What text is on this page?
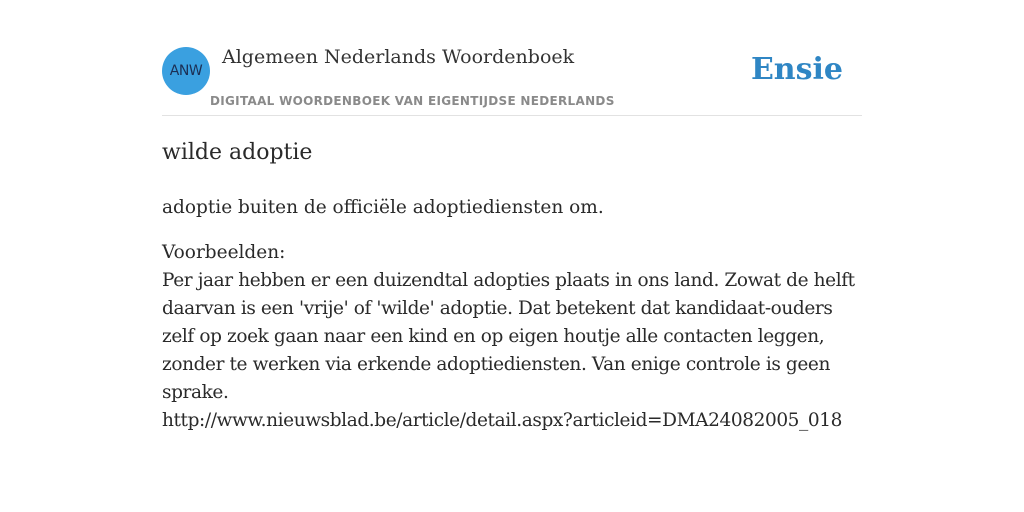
ANW
Algemeen Nederlands Woordenboek
DIGITAAL WOORDENBOEK VAN EIGENTIJDSE NEDERLANDS
Ensie
wilde adoptie
adoptie buiten de officiële adoptiediensten om.
Voorbeelden:
Per jaar hebben er een duizendtal adopties plaats in ons land. Zowat de helft daarvan is een 'vrije' of 'wilde' adoptie. Dat betekent dat kandidaat-ouders zelf op zoek gaan naar een kind en op eigen houtje alle contacten leggen, zonder te werken via erkende adoptiediensten. Van enige controle is geen sprake.
http://www.nieuwsblad.be/article/detail.aspx?articleid=DMA24082005_018
